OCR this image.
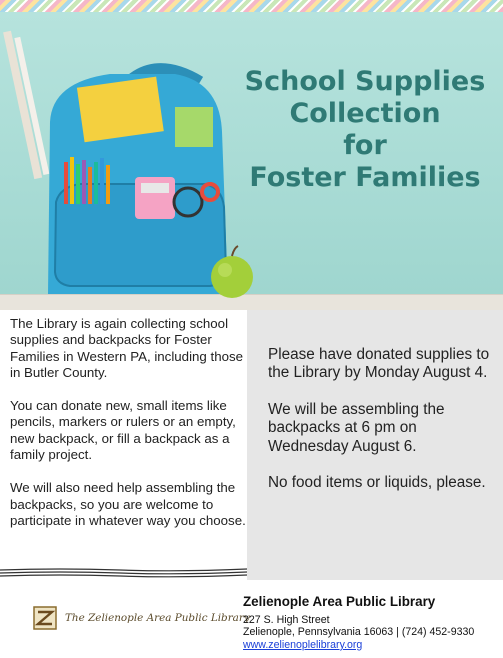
School Supplies
Collection
for
Foster Families

The Library is again collecting school supplies and backpacks for Foster Families in Western PA, including those in Butler County.

You can donate new, small items like pencils, markers or rulers or an empty, new backpack, or fill a backpack as a family project.

We will also need help assembling the backpacks, so you are welcome to participate in whatever way you choose.

Please have donated supplies to the Library by Monday August 4.

We will be assembling the backpacks at 6 pm on Wednesday August 6.

No food items or liquids, please.

The Zelienople Area Public Library
Zelienople Area Public Library
227 S. High Street
Zelienople, Pennsylvania 16063 | (724) 452-9330
www.zelienoplelibrary.org
